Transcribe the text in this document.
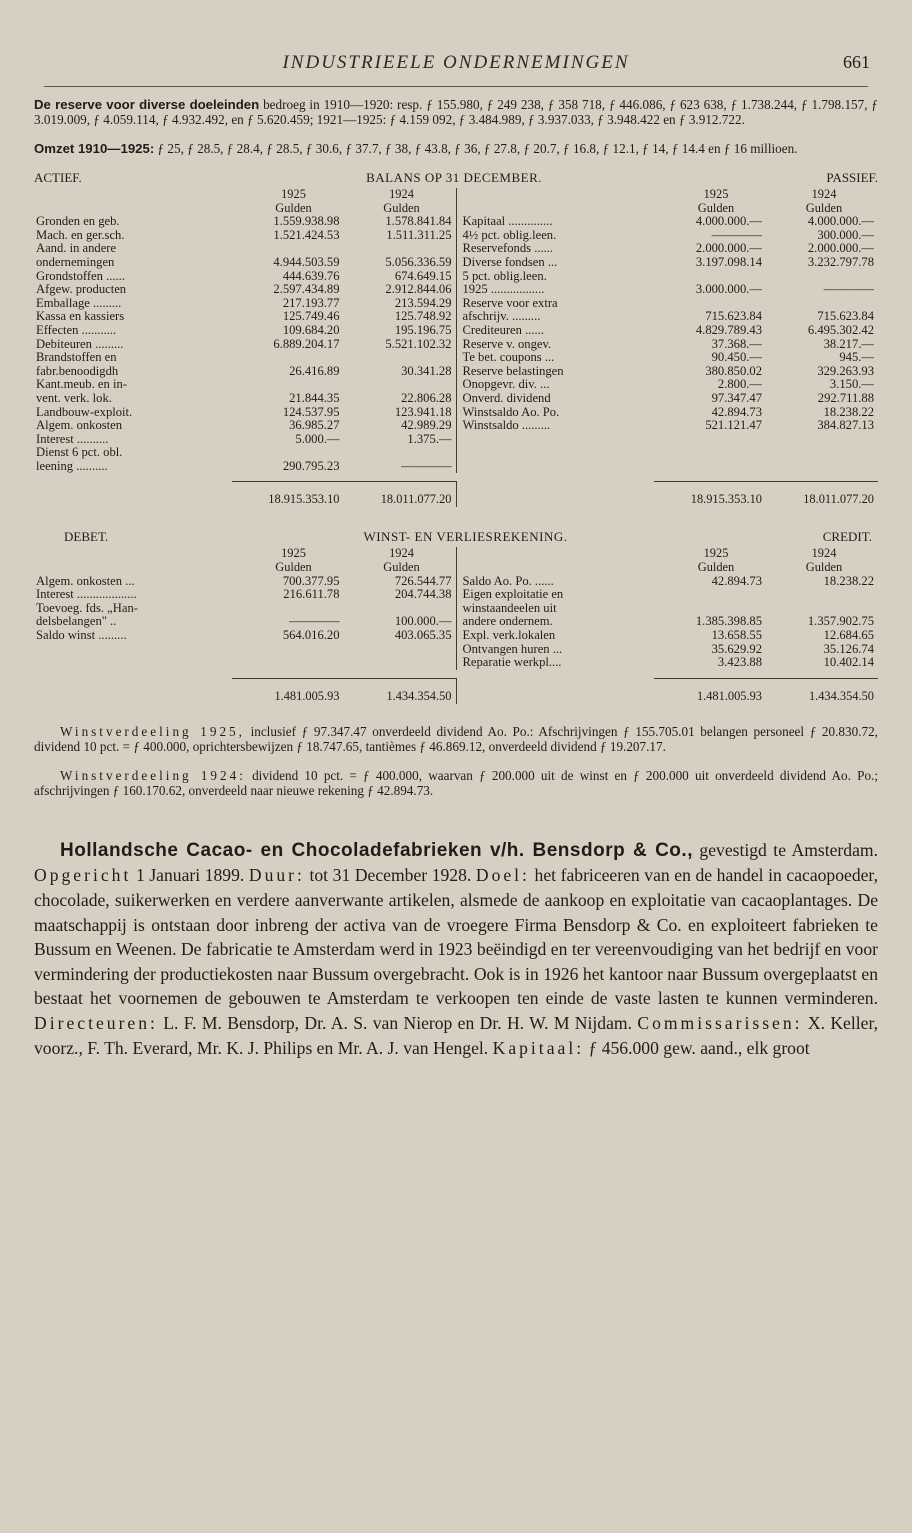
INDUSTRIEELE ONDERNEMINGEN	661

De reserve voor diverse doeleinden bedroeg in 1910—1920: resp. ƒ 155.980, ƒ 249 238, ƒ 358 718, ƒ 446.086, ƒ 623 638, ƒ 1.738.244, ƒ 1.798.157, ƒ 3.019.009, ƒ 4.059.114, ƒ 4.932.492, en ƒ 5.620.459; 1921—1925: ƒ 4.159 092, ƒ 3.484.989, ƒ 3.937.033, ƒ 3.948.422 en ƒ 3.912.722.

Omzet 1910—1925: ƒ 25, ƒ 28.5, ƒ 28.4, ƒ 28.5, ƒ 30.6, ƒ 37.7, ƒ 38, ƒ 43.8, ƒ 36, ƒ 27.8, ƒ 20.7, ƒ 16.8, ƒ 12.1, ƒ 14, ƒ 14.4 en ƒ 16 millioen.

ACTIEF.	BALANS OP 31 DECEMBER.	PASSIEF.
1925	1924
Gulden	Gulden
Gronden en geb.	1.559.938.98	1.578.841.84
Mach. en ger.sch.	1.521.424.53	1.511.311.25
Aand. in andere
ondernemingen	4.944.503.59	5.056.336.59
Grondstoffen ......	444.639.76	674.649.15
Afgew. producten	2.597.434.89	2.912.844.06
Emballage .........	217.193.77	213.594.29
Kassa en kassiers	125.749.46	125.748.92
Effecten ...........	109.684.20	195.196.75
Debiteuren .........	6.889.204.17	5.521.102.32
Brandstoffen en
fabr.benoodigdh	26.416.89	30.341.28
Kant.meub. en in-
vent. verk. lok.	21.844.35	22.806.28
Landbouw-exploit.	124.537.95	123.941.18
Algem. onkosten	36.985.27	42.989.29
Interest ..........	5.000.—	1.375.—
Dienst 6 pct. obl.
leening ..........	290.795.23	————
1925	1924
Gulden	Gulden
Kapitaal ..............	4.000.000.—	4.000.000.—
4½ pct. oblig.leen.	————	300.000.—
Reservefonds ......	2.000.000.—	2.000.000.—
Diverse fondsen ...	3.197.098.14	3.232.797.78
5 pct. oblig.leen.
1925 .................	3.000.000.—	————
Reserve voor extra
afschrijv. .........	715.623.84	715.623.84
Crediteuren ......	4.829.789.43	6.495.302.42
Reserve v. ongev.	37.368.—	38.217.—
Te bet. coupons ...	90.450.—	945.—
Reserve belastingen	380.850.02	329.263.93
Onopgevr. div. ...	2.800.—	3.150.—
Onverd. dividend	97.347.47	292.711.88
Winstsaldo Ao. Po.	42.894.73	18.238.22
Winstsaldo .........	521.121.47	384.827.13
18.915.353.10	18.011.077.20	18.915.353.10	18.011.077.20
DEBET.	WINST- EN VERLIESREKENING.	CREDIT.
1925	1924
Gulden	Gulden
Algem. onkosten ...	700.377.95	726.544.77
Interest ...................	216.611.78	204.744.38
Toevoeg. fds. „Han-
delsbelangen" ..	————	100.000.—
Saldo winst .........	564.016.20	403.065.35
1925	1924
Gulden	Gulden
Saldo Ao. Po. ......	42.894.73	18.238.22
Eigen exploitatie en
winstaandeelen uit
andere ondernem.	1.385.398.85	1.357.902.75
Expl. verk.lokalen	13.658.55	12.684.65
Ontvangen huren ...	35.629.92	35.126.74
Reparatie werkpl....	3.423.88	10.402.14
1.481.005.93	1.434.354.50	1.481.005.93	1.434.354.50

Winstverdeeling 1925, inclusief ƒ 97.347.47 onverdeeld dividend Ao. Po.: Afschrijvingen ƒ 155.705.01 belangen personeel ƒ 20.830.72, dividend 10 pct. = ƒ 400.000, oprichtersbewijzen ƒ 18.747.65, tantièmes ƒ 46.869.12, onverdeeld dividend ƒ 19.207.17.

Winstverdeeling 1924: dividend 10 pct. = ƒ 400.000, waarvan ƒ 200.000 uit de winst en ƒ 200.000 uit onverdeeld dividend Ao. Po.; afschrijvingen ƒ 160.170.62, onverdeeld naar nieuwe rekening ƒ 42.894.73.

Hollandsche Cacao- en Chocoladefabrieken v/h. Bensdorp & Co., gevestigd te Amsterdam. Opgericht 1 Januari 1899. Duur: tot 31 December 1928. Doel: het fabriceeren van en de handel in cacaopoeder, chocolade, suikerwerken en verdere aanverwante artikelen, alsmede de aankoop en exploitatie van cacaoplantages. De maatschappij is ontstaan door inbreng der activa van de vroegere Firma Bensdorp & Co. en exploiteert fabrieken te Bussum en Weenen. De fabricatie te Amsterdam werd in 1923 beëindigd en ter vereenvoudiging van het bedrijf en voor vermindering der productiekosten naar Bussum overgebracht. Ook is in 1926 het kantoor naar Bussum overgeplaatst en bestaat het voornemen de gebouwen te Amsterdam te verkoopen ten einde de vaste lasten te kunnen verminderen. Directeuren: L. F. M. Bensdorp, Dr. A. S. van Nierop en Dr. H. W. M Nijdam. Commissarissen: X. Keller, voorz., F. Th. Everard, Mr. K. J. Philips en Mr. A. J. van Hengel. Kapitaal: ƒ 456.000 gew. aand., elk groot
